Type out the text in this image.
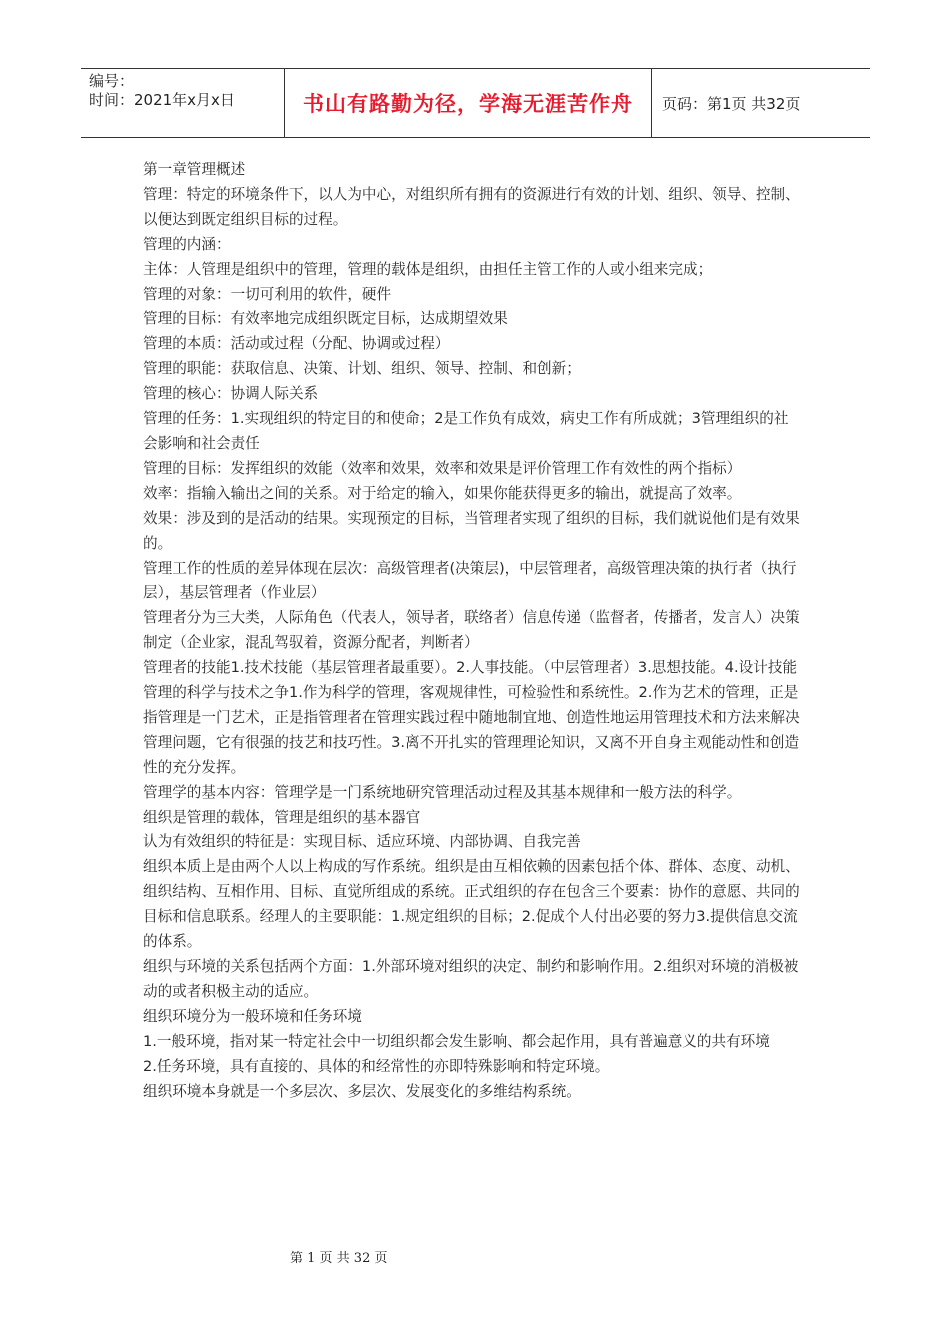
编号：
时间：2021年x月x日	书山有路勤为径，学海无涯苦作舟 页码：第1页 共32页

第一章管理概述

管理：特定的环境条件下，以人为中心，对组织所有拥有的资源进行有效的计划、组织、领导、控制、以便达到既定组织目标的过程。

管理的内涵：

主体：人管理是组织中的管理，管理的载体是组织，由担任主管工作的人或小组来完成；

管理的对象：一切可利用的软件，硬件

管理的目标：有效率地完成组织既定目标，达成期望效果

管理的本质：活动或过程（分配、协调或过程）

管理的职能：获取信息、决策、计划、组织、领导、控制、和创新；

管理的核心：协调人际关系

管理的任务：1.实现组织的特定目的和使命；2是工作负有成效，病史工作有所成就；3管理组织的社会影响和社会责任

管理的目标：发挥组织的效能（效率和效果，效率和效果是评价管理工作有效性的两个指标）

效率：指输入输出之间的关系。对于给定的输入，如果你能获得更多的输出，就提高了效率。

效果：涉及到的是活动的结果。实现预定的目标，当管理者实现了组织的目标，我们就说他们是有效果的。

管理工作的性质的差异体现在层次：高级管理者(决策层)，中层管理者，高级管理决策的执行者（执行层），基层管理者（作业层）

管理者分为三大类，人际角色（代表人，领导者，联络者）信息传递（监督者，传播者，发言人）决策制定（企业家，混乱驾驭着，资源分配者，判断者）

管理者的技能1.技术技能（基层管理者最重要）。2.人事技能。（中层管理者）3.思想技能。4.设计技能

管理的科学与技术之争1.作为科学的管理，客观规律性，可检验性和系统性。2.作为艺术的管理，正是指管理是一门艺术，正是指管理者在管理实践过程中随地制宜地、创造性地运用管理技术和方法来解决管理问题，它有很强的技艺和技巧性。3.离不开扎实的管理理论知识，又离不开自身主观能动性和创造性的充分发挥。

管理学的基本内容：管理学是一门系统地研究管理活动过程及其基本规律和一般方法的科学。

组织是管理的载体，管理是组织的基本器官

认为有效组织的特征是：实现目标、适应环境、内部协调、自我完善

组织本质上是由两个人以上构成的写作系统。组织是由互相依赖的因素包括个体、群体、态度、动机、组织结构、互相作用、目标、直觉所组成的系统。正式组织的存在包含三个要素：协作的意愿、共同的目标和信息联系。经理人的主要职能：1.规定组织的目标；2.促成个人付出必要的努力3.提供信息交流的体系。

组织与环境的关系包括两个方面：1.外部环境对组织的决定、制约和影响作用。2.组织对环境的消极被动的或者积极主动的适应。

组织环境分为一般环境和任务环境

1.一般环境，指对某一特定社会中一切组织都会发生影响、都会起作用，具有普遍意义的共有环境

2.任务环境，具有直接的、具体的和经常性的亦即特殊影响和特定环境。

组织环境本身就是一个多层次、多层次、发展变化的多维结构系统。

第 1 页 共 32 页
